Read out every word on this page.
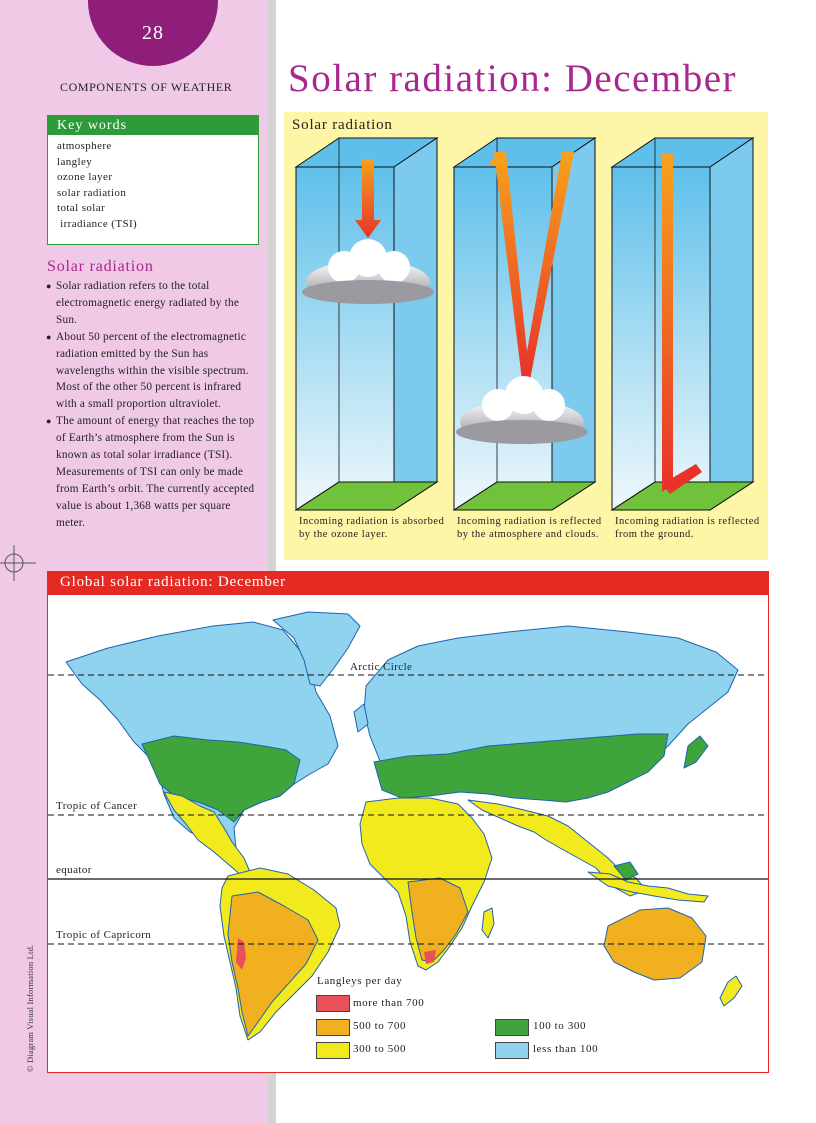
28
COMPONENTS OF WEATHER Solar radiation: December
Key words
atmosphere
langley
ozone layer
solar radiation
total solar
irradiance (TSI)
Solar radiation
● Solar radiation refers to the total electromagnetic energy radiated by the Sun.
● About 50 percent of the electromagnetic radiation emitted by the Sun has wavelengths within the visible spectrum. Most of the other 50 percent is infrared with a small proportion ultraviolet.
● The amount of energy that reaches the top of Earth’s atmosphere from the Sun is known as total solar irradiance (TSI). Measurements of TSI can only be made from Earth’s orbit. The currently accepted value is about 1,368 watts per square meter.
Solar radiation
Incoming radiation is absorbed by the ozone layer.
Incoming radiation is reflected by the atmosphere and clouds.
Incoming radiation is reflected from the ground.
Global solar radiation: December
Arctic Circle
Tropic of Cancer
equator
Tropic of Capricorn
Langleys per day
more than 700
500 to 700
300 to 500
100 to 300
less than 100
© Diagram Visual Information Ltd.
